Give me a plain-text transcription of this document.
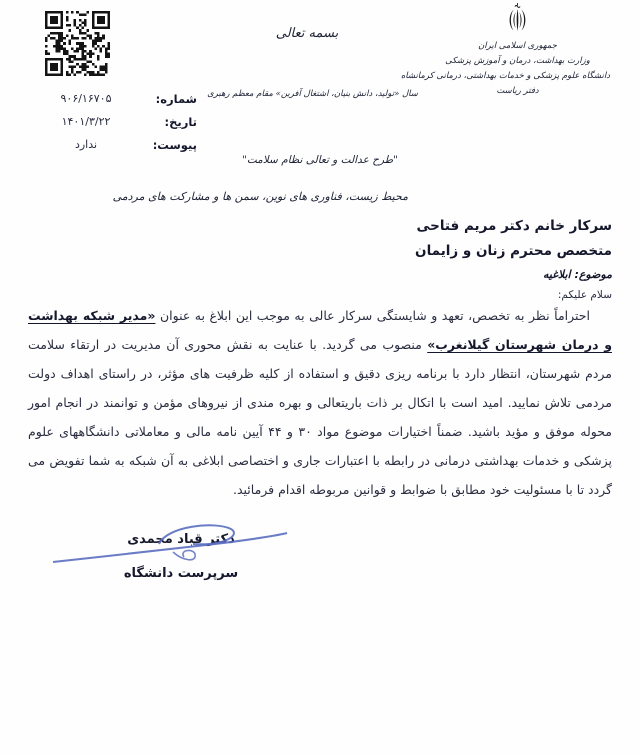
بسمه تعالی
جمهوری اسلامی ایران
وزارت بهداشت، درمان و آموزش پزشکی
دانشگاه علوم پزشکی و خدمات بهداشتی، درمانی کرمانشاه
دفتر ریاست
سال «تولید، دانش بنیان، اشتغال آفرین» مقام معظم رهبری
شماره:
۹۰۶/۱۶۷۰۵
تاریخ:
۱۴۰۱/۳/۲۲
پیوست:
ندارد
"طرح عدالت و تعالی نظام سلامت"
محیط زیست، فناوری های نوین، سمن ها و مشارکت های مردمی
سرکار خانم دکتر مریم فتاحی
متخصص محترم زنان و زایمان
موضوع: ابلاغیه
سلام علیکم:
احتراماً نظر به تخصص، تعهد و شایستگی سرکار عالی به موجب این ابلاغ به عنوان «مدیر شبکه بهداشت و درمان شهرستان گیلانغرب» منصوب می گردید. با عنایت به نقش محوری آن مدیریت در ارتقاء سلامت مردم شهرستان، انتظار دارد با برنامه ریزی دقیق و استفاده از کلیه ظرفیت های مؤثر، در راستای اهداف دولت مردمی تلاش نمایید. امید است با اتکال بر ذات باریتعالی و بهره مندی از نیروهای مؤمن و توانمند در انجام امور محوله موفق و مؤید باشید. ضمناً اختیارات موضوع مواد ۳۰ و ۴۴ آیین نامه مالی و معاملاتی دانشگاههای علوم پزشکی و خدمات بهداشتی درمانی در رابطه با اعتبارات جاری و اختصاصی ابلاغی به آن شبکه به شما تفویض می گردد تا با مسئولیت خود مطابق با ضوابط و قوانین مربوطه اقدام فرمائید.
دکتر قباد محمدی
سرپرست دانشگاه
